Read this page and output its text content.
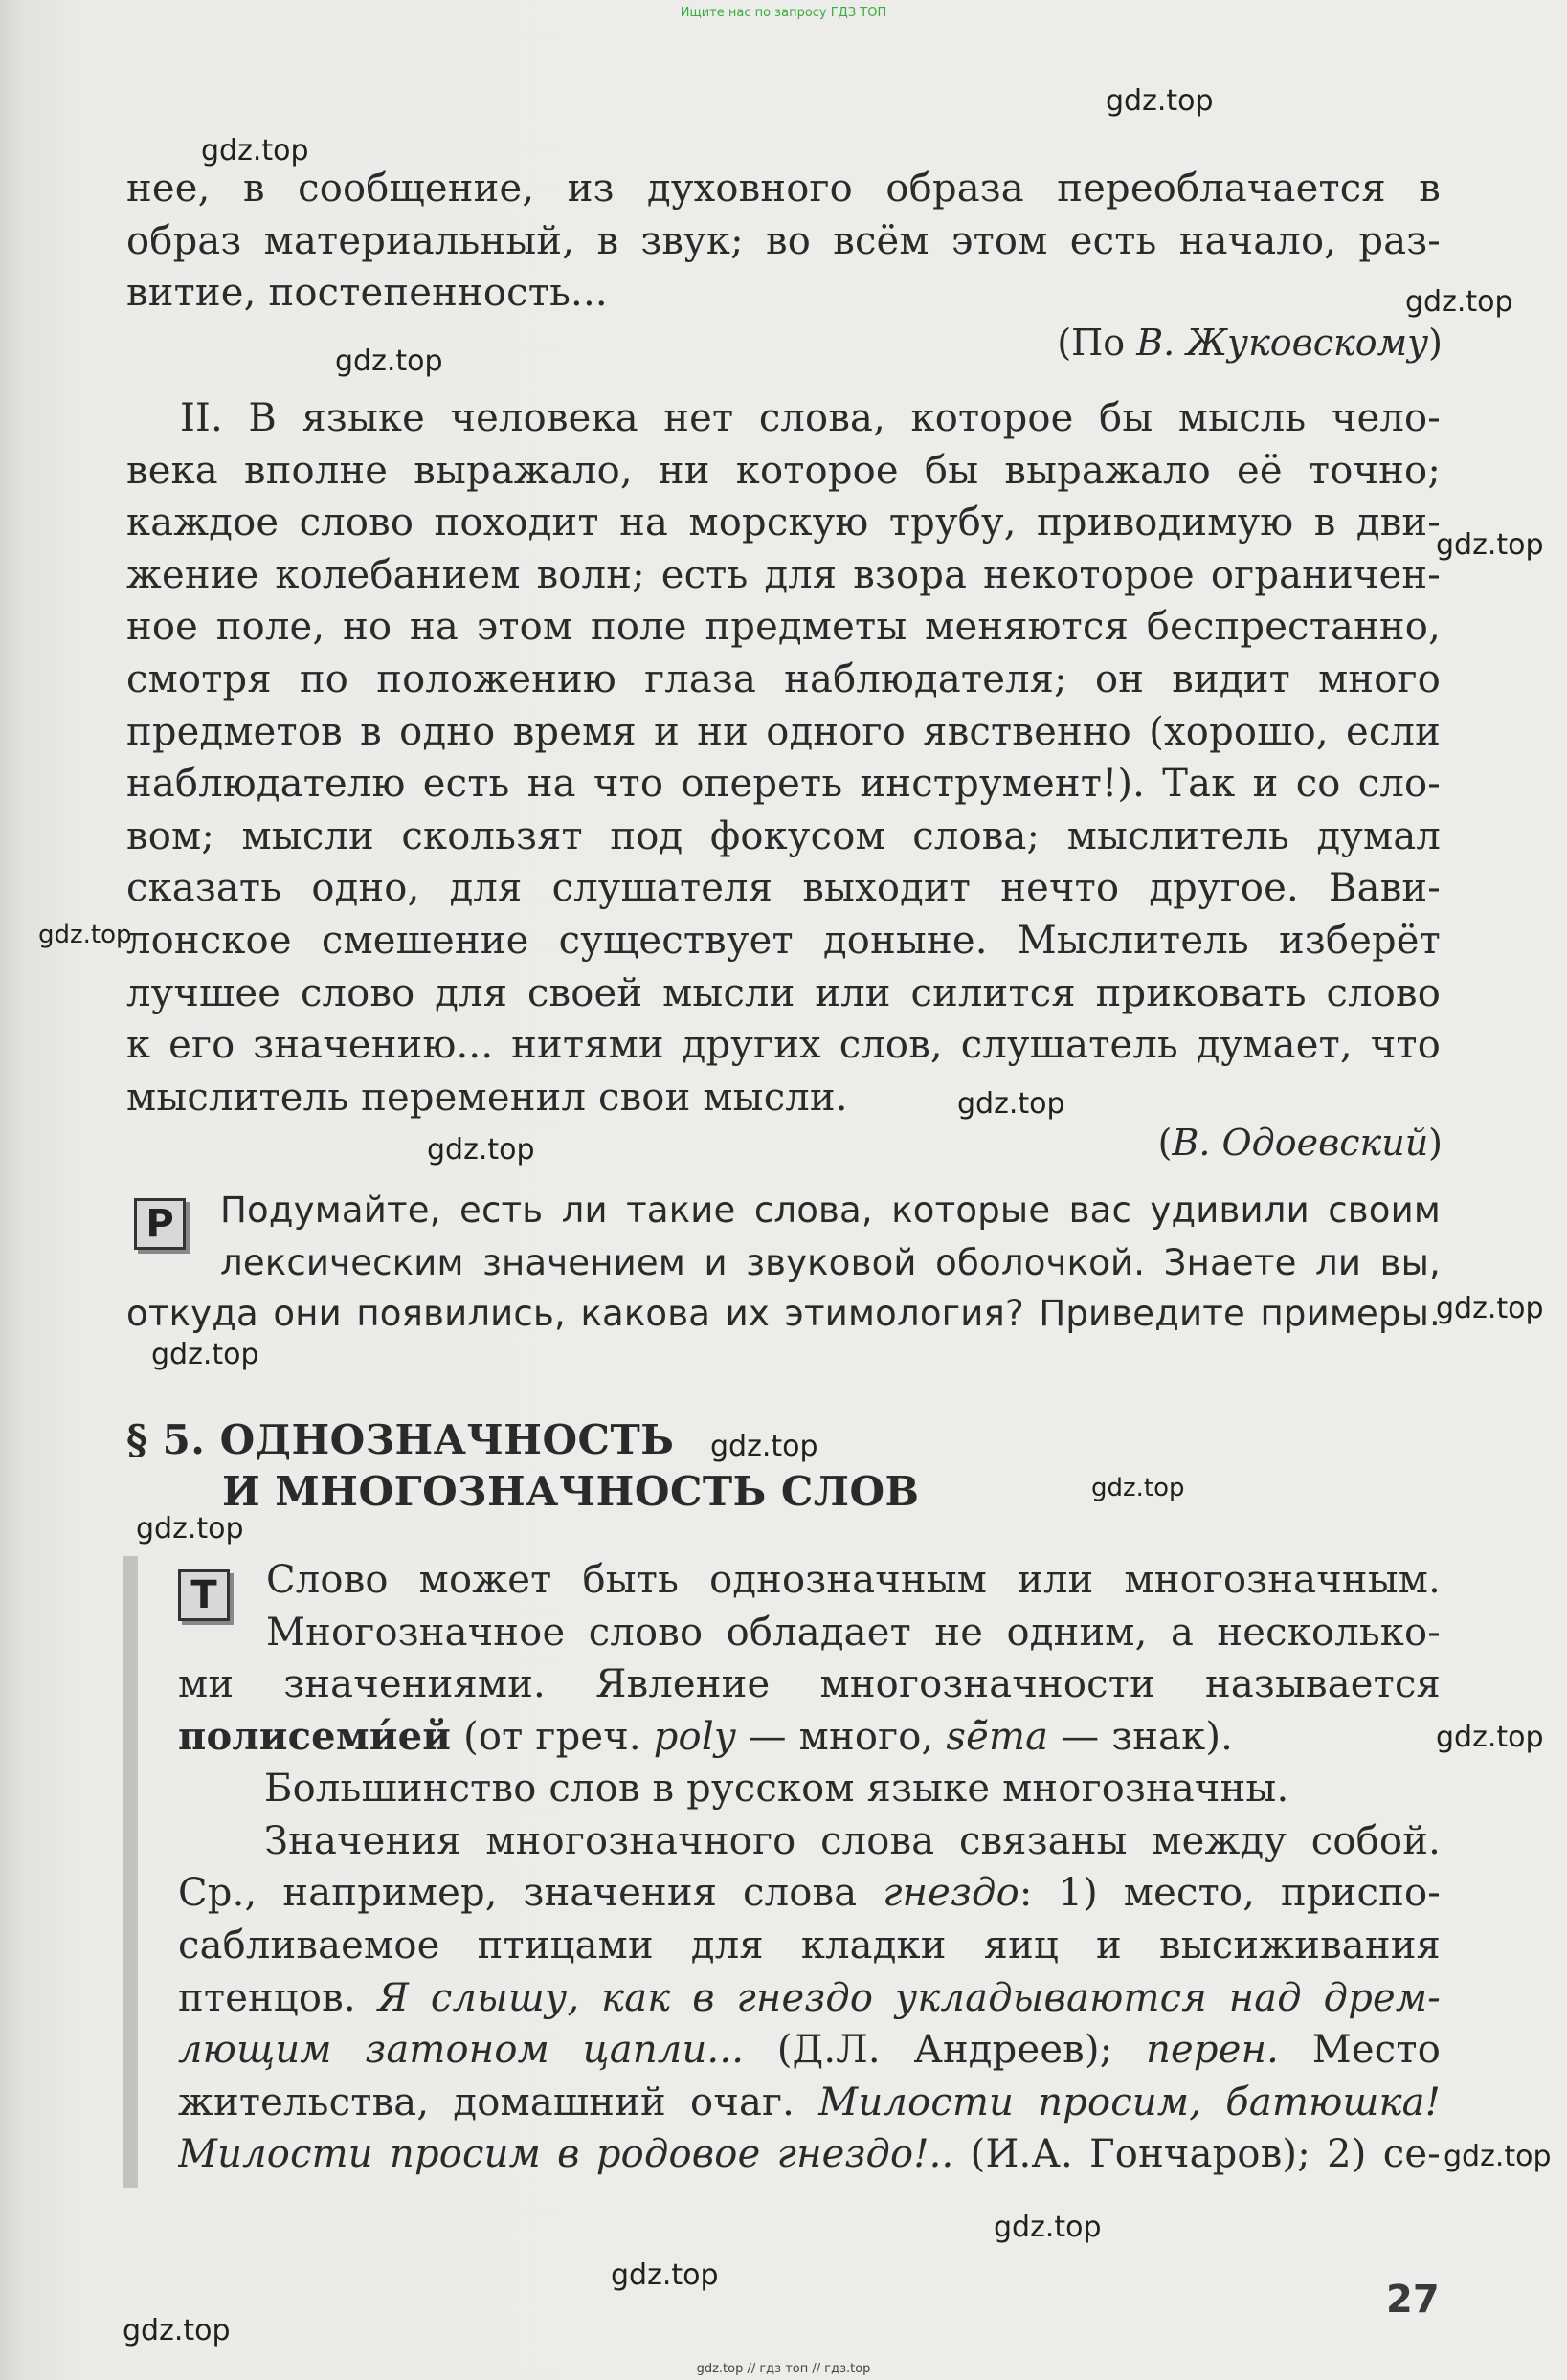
Ищите нас по запросу ГДЗ ТОП
нее, в сообщение, из духовного образа переоблачается в
образ материальный, в звук; во всём этом есть начало, раз-
витие, постепенность...
(По В. Жуковскому)
II. В языке человека нет слова, которое бы мысль чело-
века вполне выражало, ни которое бы выражало её точно;
каждое слово походит на морскую трубу, приводимую в дви-
жение колебанием волн; есть для взора некоторое ограничен-
ное поле, но на этом поле предметы меняются беспрестанно,
смотря по положению глаза наблюдателя; он видит много
предметов в одно время и ни одного явственно (хорошо, если
наблюдателю есть на что опереть инструмент!). Так и со сло-
вом; мысли скользят под фокусом слова; мыслитель думал
сказать одно, для слушателя выходит нечто другое. Вави-
лонское смешение существует доныне. Мыслитель изберёт
лучшее слово для своей мысли или силится приковать слово
к его значению... нитями других слов, слушатель думает, что
мыслитель переменил свои мысли.
(В. Одоевский)
Р	Подумайте, есть ли такие слова, которые вас удивили своим
лексическим значением и звуковой оболочкой. Знаете ли вы,
откуда они появились, какова их этимология? Приведите примеры.
§ 5. ОДНОЗНАЧНОСТЬ
И МНОГОЗНАЧНОСТЬ СЛОВ
Т	Слово может быть однозначным или многозначным.
Многозначное слово обладает не одним, а несколько-
ми значениями. Явление многозначности называется
полисеми́ей (от греч. poly — много, sē̃ma — знак).
Большинство слов в русском языке многозначны.
Значения многозначного слова связаны между собой.
Ср., например, значения слова гнездо: 1) место, приспо-
сабливаемое птицами для кладки яиц и высиживания
птенцов. Я слышу, как в гнездо укладываются над дрем-
лющим затоном цапли... (Д.Л. Андреев); перен. Место
жительства, домашний очаг. Милости просим, батюшка!
Милости просим в родовое гнездо!.. (И.А. Гончаров); 2) се-
gdz.top
gdz.top
gdz.top
gdz.top
gdz.top
gdz.top
gdz.top
gdz.top
gdz.top
gdz.top
gdz.top
gdz.top
gdz.top
gdz.top
gdz.top
gdz.top
gdz.top
gdz.top
27
gdz.top // гдз топ // гдз.top
